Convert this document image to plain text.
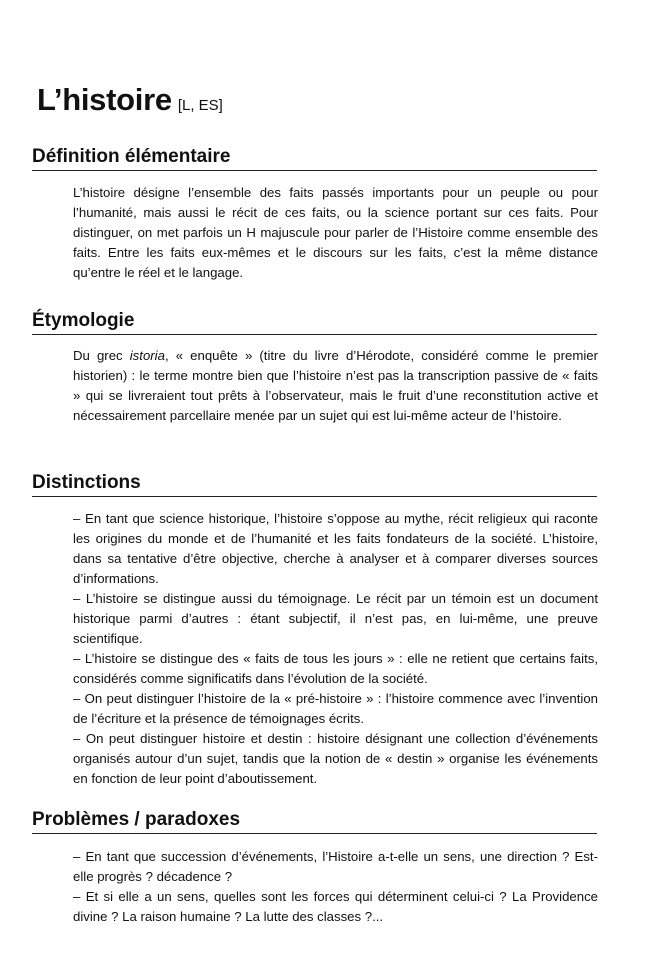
L’histoire [L, ES]
Définition élémentaire

L’histoire désigne l’ensemble des faits passés importants pour un peuple ou pour l’humanité, mais aussi le récit de ces faits, ou la science portant sur ces faits. Pour distinguer, on met parfois un H majuscule pour parler de l’Histoire comme ensemble des faits. Entre les faits eux-mêmes et le discours sur les faits, c’est la même distance qu’entre le réel et le langage.

Étymologie

Du grec istoria, « enquête » (titre du livre d’Hérodote, considéré comme le premier historien) : le terme montre bien que l’histoire n’est pas la transcription passive de « faits » qui se livreraient tout prêts à l’observateur, mais le fruit d’une reconstitution active et nécessairement parcellaire menée par un sujet qui est lui-même acteur de l’histoire.

Distinctions

– En tant que science historique, l’histoire s’oppose au mythe, récit religieux qui raconte les origines du monde et de l’humanité et les faits fondateurs de la société. L’histoire, dans sa tentative d’être objective, cherche à analyser et à comparer diverses sources d’informations.

– L’histoire se distingue aussi du témoignage. Le récit par un témoin est un document historique parmi d’autres : étant subjectif, il n’est pas, en lui-même, une preuve scientifique.

– L’histoire se distingue des « faits de tous les jours » : elle ne retient que certains faits, considérés comme significatifs dans l’évolution de la société.

– On peut distinguer l’histoire de la « pré-histoire » : l’histoire commence avec l’invention de l’écriture et la présence de témoignages écrits.

– On peut distinguer histoire et destin : histoire désignant une collection d’événements organisés autour d’un sujet, tandis que la notion de « destin » organise les événements en fonction de leur point d’aboutissement.

Problèmes / paradoxes

– En tant que succession d’événements, l’Histoire a-t-elle un sens, une direction ? Est-elle progrès ? décadence ?

– Et si elle a un sens, quelles sont les forces qui déterminent celui-ci ? La Providence divine ? La raison humaine ? La lutte des classes ?...
